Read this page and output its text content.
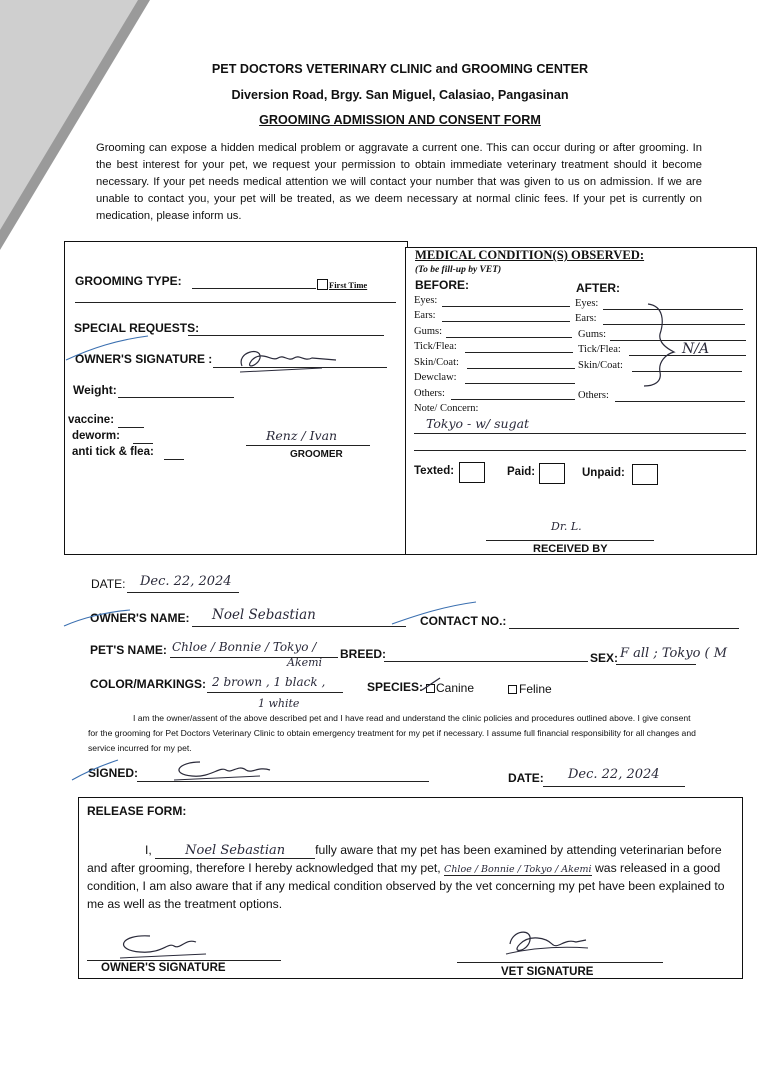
PET DOCTORS VETERINARY CLINIC and GROOMING CENTER
Diversion Road, Brgy. San Miguel, Calasiao, Pangasinan
GROOMING ADMISSION AND CONSENT FORM
Grooming can expose a hidden medical problem or aggravate a current one. This can occur during or after grooming. In the best interest for your pet, we request your permission to obtain immediate veterinary treatment should it become necessary. If your pet needs medical attention we will contact your number that was given to us on admission. If we are unable to contact you, your pet will be treated, as we deem necessary at normal clinic fees. If your pet is currently on medication, please inform us.
GROOMING TYPE:	First Time
SPECIAL REQUESTS:
OWNER'S SIGNATURE :
Weight:
vaccine:
deworm:
anti tick & flea:
Renz / Ivan
GROOMER
MEDICAL CONDITION(S) OBSERVED:
(To be fill-up by VET)
BEFORE:	AFTER:
Eyes:
Ears:
Gums:
Tick/Flea:
Skin/Coat:
Dewclaw:
Others:
Eyes:
Ears:
Gums:
Tick/Flea:
Skin/Coat:
Others:
N/A
Note/ Concern:
Tokyo - w/ sugat
Texted:	Paid:	Unpaid:
Dr. L.
RECEIVED BY
DATE: Dec. 22, 2024
OWNER'S NAME: Noel Sebastian	CONTACT NO.:
PET'S NAME: Chloe / Bonnie / Tokyo /
Akemi
BREED:	SEX: F all ; Tokyo ( M
COLOR/MARKINGS: 2 brown , 1 black ,
1 white
SPECIES: Canine	Feline
I am the owner/assent of the above described pet and I have read and understand the clinic policies and procedures outlined above. I give consent for the grooming for Pet Doctors Veterinary Clinic to obtain emergency treatment for my pet if necessary. I assume full financial responsibility for all changes and service incurred for my pet.
SIGNED:	DATE: Dec. 22, 2024
RELEASE FORM:
I,	Noel Sebastian fully aware that my pet has been examined by attending veterinarian before and after grooming, therefore I hereby acknowledged that my pet, Chloe / Bonnie / Tokyo / Akemi was released in a good condition, I am also aware that if any medical condition observed by the vet concerning my pet have been explained to me as well as the treatment options.
OWNER'S SIGNATURE	VET SIGNATURE
